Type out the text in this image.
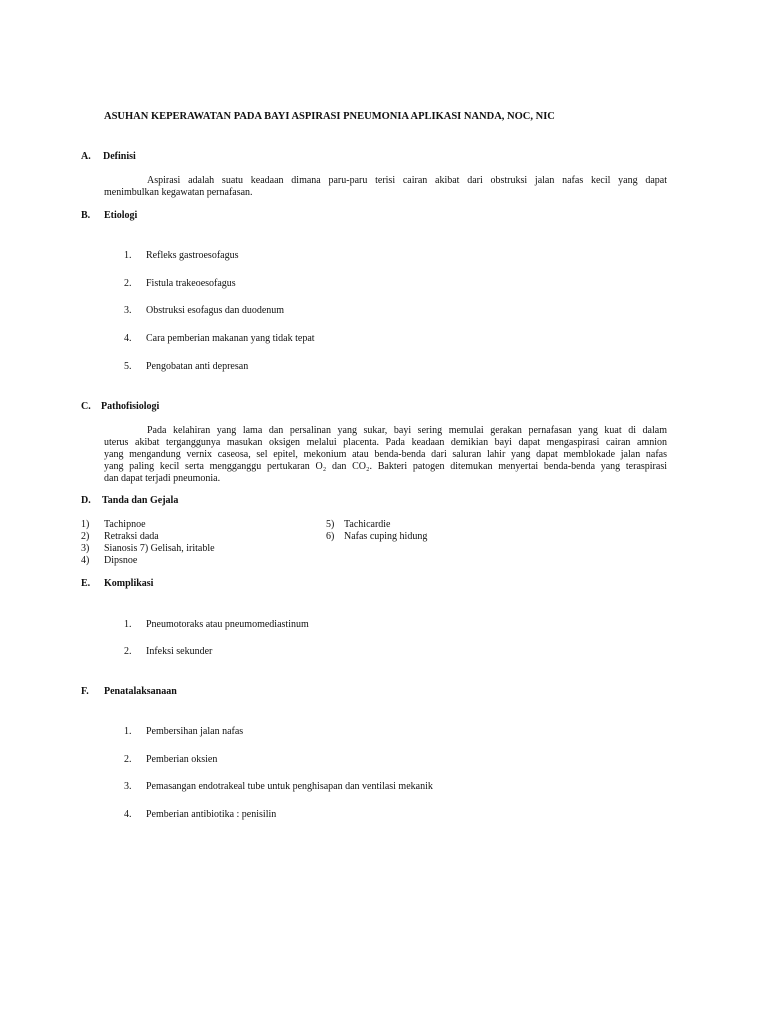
ASUHAN KEPERAWATAN PADA BAYI ASPIRASI PNEUMONIA APLIKASI NANDA, NOC, NIC
A. Definisi
Aspirasi adalah suatu keadaan dimana paru-paru terisi cairan akibat dari obstruksi jalan nafas kecil yang dapat
menimbulkan kegawatan pernafasan.
B. Etiologi
1. Refleks gastroesofagus
2. Fistula trakeoesofagus
3. Obstruksi esofagus dan duodenum
4. Cara pemberian makanan yang tidak tepat
5. Pengobatan anti depresan
C. Pathofisiologi
Pada kelahiran yang lama dan persalinan yang sukar, bayi sering memulai gerakan pernafasan yang kuat di dalam
uterus akibat terganggunya masukan oksigen melalui placenta. Pada keadaan demikian bayi dapat mengaspirasi cairan amnion
yang mengandung vernix caseosa, sel epitel, mekonium atau benda-benda dari saluran lahir yang dapat memblokade jalan nafas
yang paling kecil serta mengganggu pertukaran O₂ dan CO₂. Bakteri patogen ditemukan menyertai benda-benda yang teraspirasi
dan dapat terjadi pneumonia.
D. Tanda dan Gejala
1) Tachipnoe
2) Retraksi dada
3) Sianosis 7) Gelisah, iritable
4) Dipsnoe
5) Tachicardie
6) Nafas cuping hidung
E. Komplikasi
1. Pneumotoraks atau pneumomediastinum
2. Infeksi sekunder
F. Penatalaksanaan
1. Pembersihan jalan nafas
2. Pemberian oksien
3. Pemasangan endotrakeal tube untuk penghisapan dan ventilasi mekanik
4. Pemberian antibiotika : penisilin
